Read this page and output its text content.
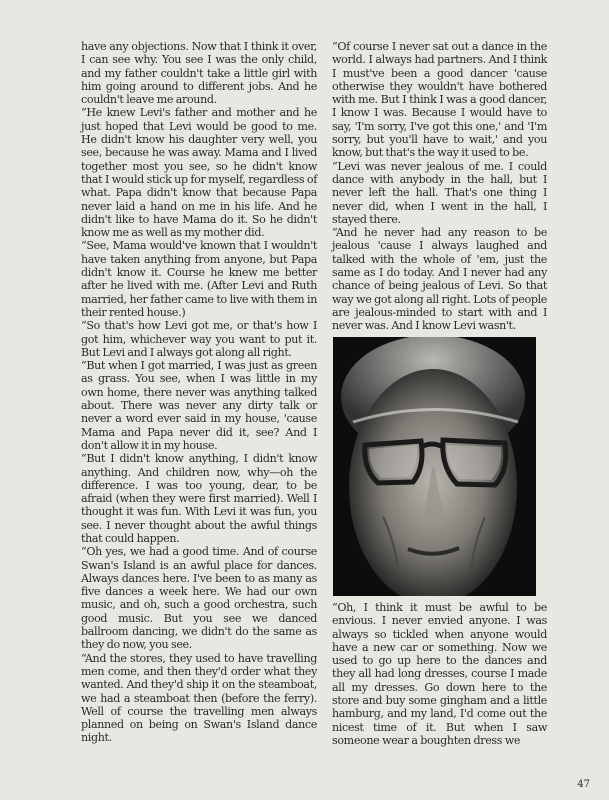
have any objections. Now that I think it over, I can see why. You see I was the only child, and my father couldn't take a little girl with him going around to different jobs. And he couldn't leave me around.

“He knew Levi's father and mother and he just hoped that Levi would be good to me. He didn't know his daughter very well, you see, because he was away. Mama and I lived together most you see, so he didn't know that I would stick up for myself, regardless of what. Papa didn't know that because Papa never laid a hand on me in his life. And he didn't like to have Mama do it. So he didn't know me as well as my mother did.

“See, Mama would've known that I wouldn't have taken anything from anyone, but Papa didn't know it. Course he knew me better after he lived with me. (After Levi and Ruth married, her father came to live with them in their rented house.)

“So that's how Levi got me, or that's how I got him, whichever way you want to put it. But Levi and I always got along all right.

“But when I got married, I was just as green as grass. You see, when I was little in my own home, there never was anything talked about. There was never any dirty talk or never a word ever said in my house, 'cause Mama and Papa never did it, see? And I don't allow it in my house.

“But I didn't know anything, I didn't know anything. And children now, why—oh the difference. I was too young, dear, to be afraid (when they were first married). Well I thought it was fun. With Levi it was fun, you see. I never thought about the awful things that could happen.

“Oh yes, we had a good time. And of course Swan's Island is an awful place for dances. Always dances here. I've been to as many as five dances a week here. We had our own music, and oh, such a good orchestra, such good music. But you see we danced ballroom dancing, we didn't do the same as they do now, you see.

“And the stores, they used to have travelling men come, and then they'd order what they wanted. And they'd ship it on the steamboat, we had a steamboat then (before the ferry). Well of course the travelling men always planned on being on Swan's Island dance night.

“Of course I never sat out a dance in the world. I always had partners. And I think I must've been a good dancer 'cause otherwise they wouldn't have bothered with me. But I think I was a good dancer, I know I was. Because I would have to say, 'I'm sorry, I've got this one,' and 'I'm sorry, but you'll have to wait,' and you know, but that's the way it used to be.

“Levi was never jealous of me. I could dance with anybody in the hall, but I never left the hall. That's one thing I never did, when I went in the hall, I stayed there.

“And he never had any reason to be jealous 'cause I always laughed and talked with the whole of 'em, just the same as I do today. And I never had any chance of being jealous of Levi. So that way we got along all right. Lots of people are jealous-minded to start with and I never was. And I know Levi wasn't.

“Oh, I think it must be awful to be envious. I never envied anyone. I was always so tickled when anyone would have a new car or something. Now we used to go up here to the dances and they all had long dresses, course I made all my dresses. Go down here to the store and buy some gingham and a little hamburg, and my land, I'd come out the nicest time of it. But when I saw someone wear a boughten dress we

47
